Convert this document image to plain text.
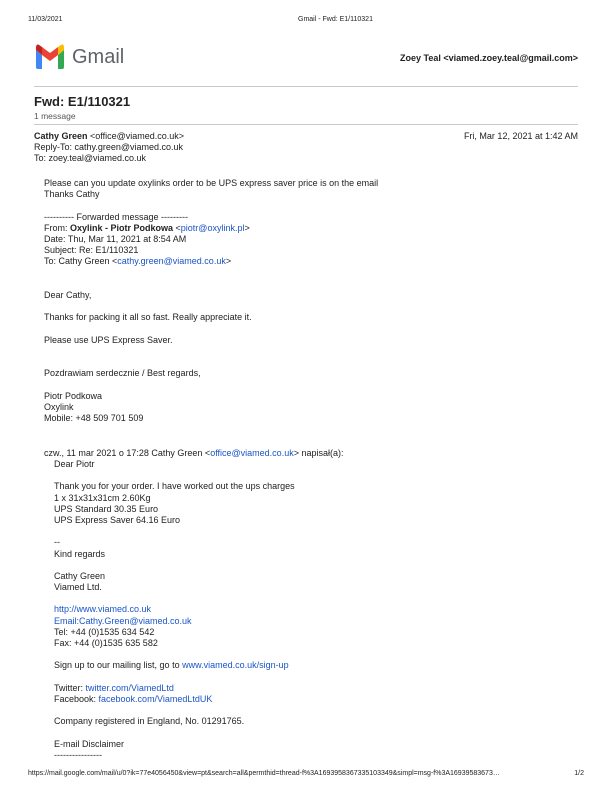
11/03/2021	Gmail - Fwd: E1/110321
Gmail	Zoey Teal <viamed.zoey.teal@gmail.com>
Fwd: E1/110321
1 message
Cathy Green <office@viamed.co.uk>	Fri, Mar 12, 2021 at 1:42 AM
Reply-To: cathy.green@viamed.co.uk
To: zoey.teal@viamed.co.uk
Please can you update oxylinks order to be UPS express saver price is on the email
Thanks Cathy
---------- Forwarded message ---------
From: Oxylink - Piotr Podkowa <piotr@oxylink.pl>
Date: Thu, Mar 11, 2021 at 8:54 AM
Subject: Re: E1/110321
To: Cathy Green <cathy.green@viamed.co.uk>
Dear Cathy,
Thanks for packing it all so fast. Really appreciate it.
Please use UPS Express Saver.
Pozdrawiam serdecznie / Best regards,
Piotr Podkowa
Oxylink
Mobile: +48 509 701 509
czw., 11 mar 2021 o 17:28 Cathy Green <office@viamed.co.uk> napisał(a):
Dear Piotr
Thank you for your order. I have worked out the ups charges
1 x 31x31x31cm 2.60Kg
UPS Standard 30.35 Euro
UPS Express Saver 64.16 Euro
--
Kind regards
Cathy Green
Viamed Ltd.
http://www.viamed.co.uk
Email:Cathy.Green@viamed.co.uk
Tel: +44 (0)1535 634 542
Fax: +44 (0)1535 635 582
Sign up to our mailing list, go to www.viamed.co.uk/sign-up
Twitter: twitter.com/ViamedLtd
Facebook: facebook.com/ViamedLtdUK
Company registered in England, No. 01291765.
E-mail Disclaimer
----------------
https://mail.google.com/mail/u/0?ik=77e4056450&view=pt&search=all&permthid=thread-f%3A1693958367335103349&simpl=msg-f%3A16939583673…	1/2
